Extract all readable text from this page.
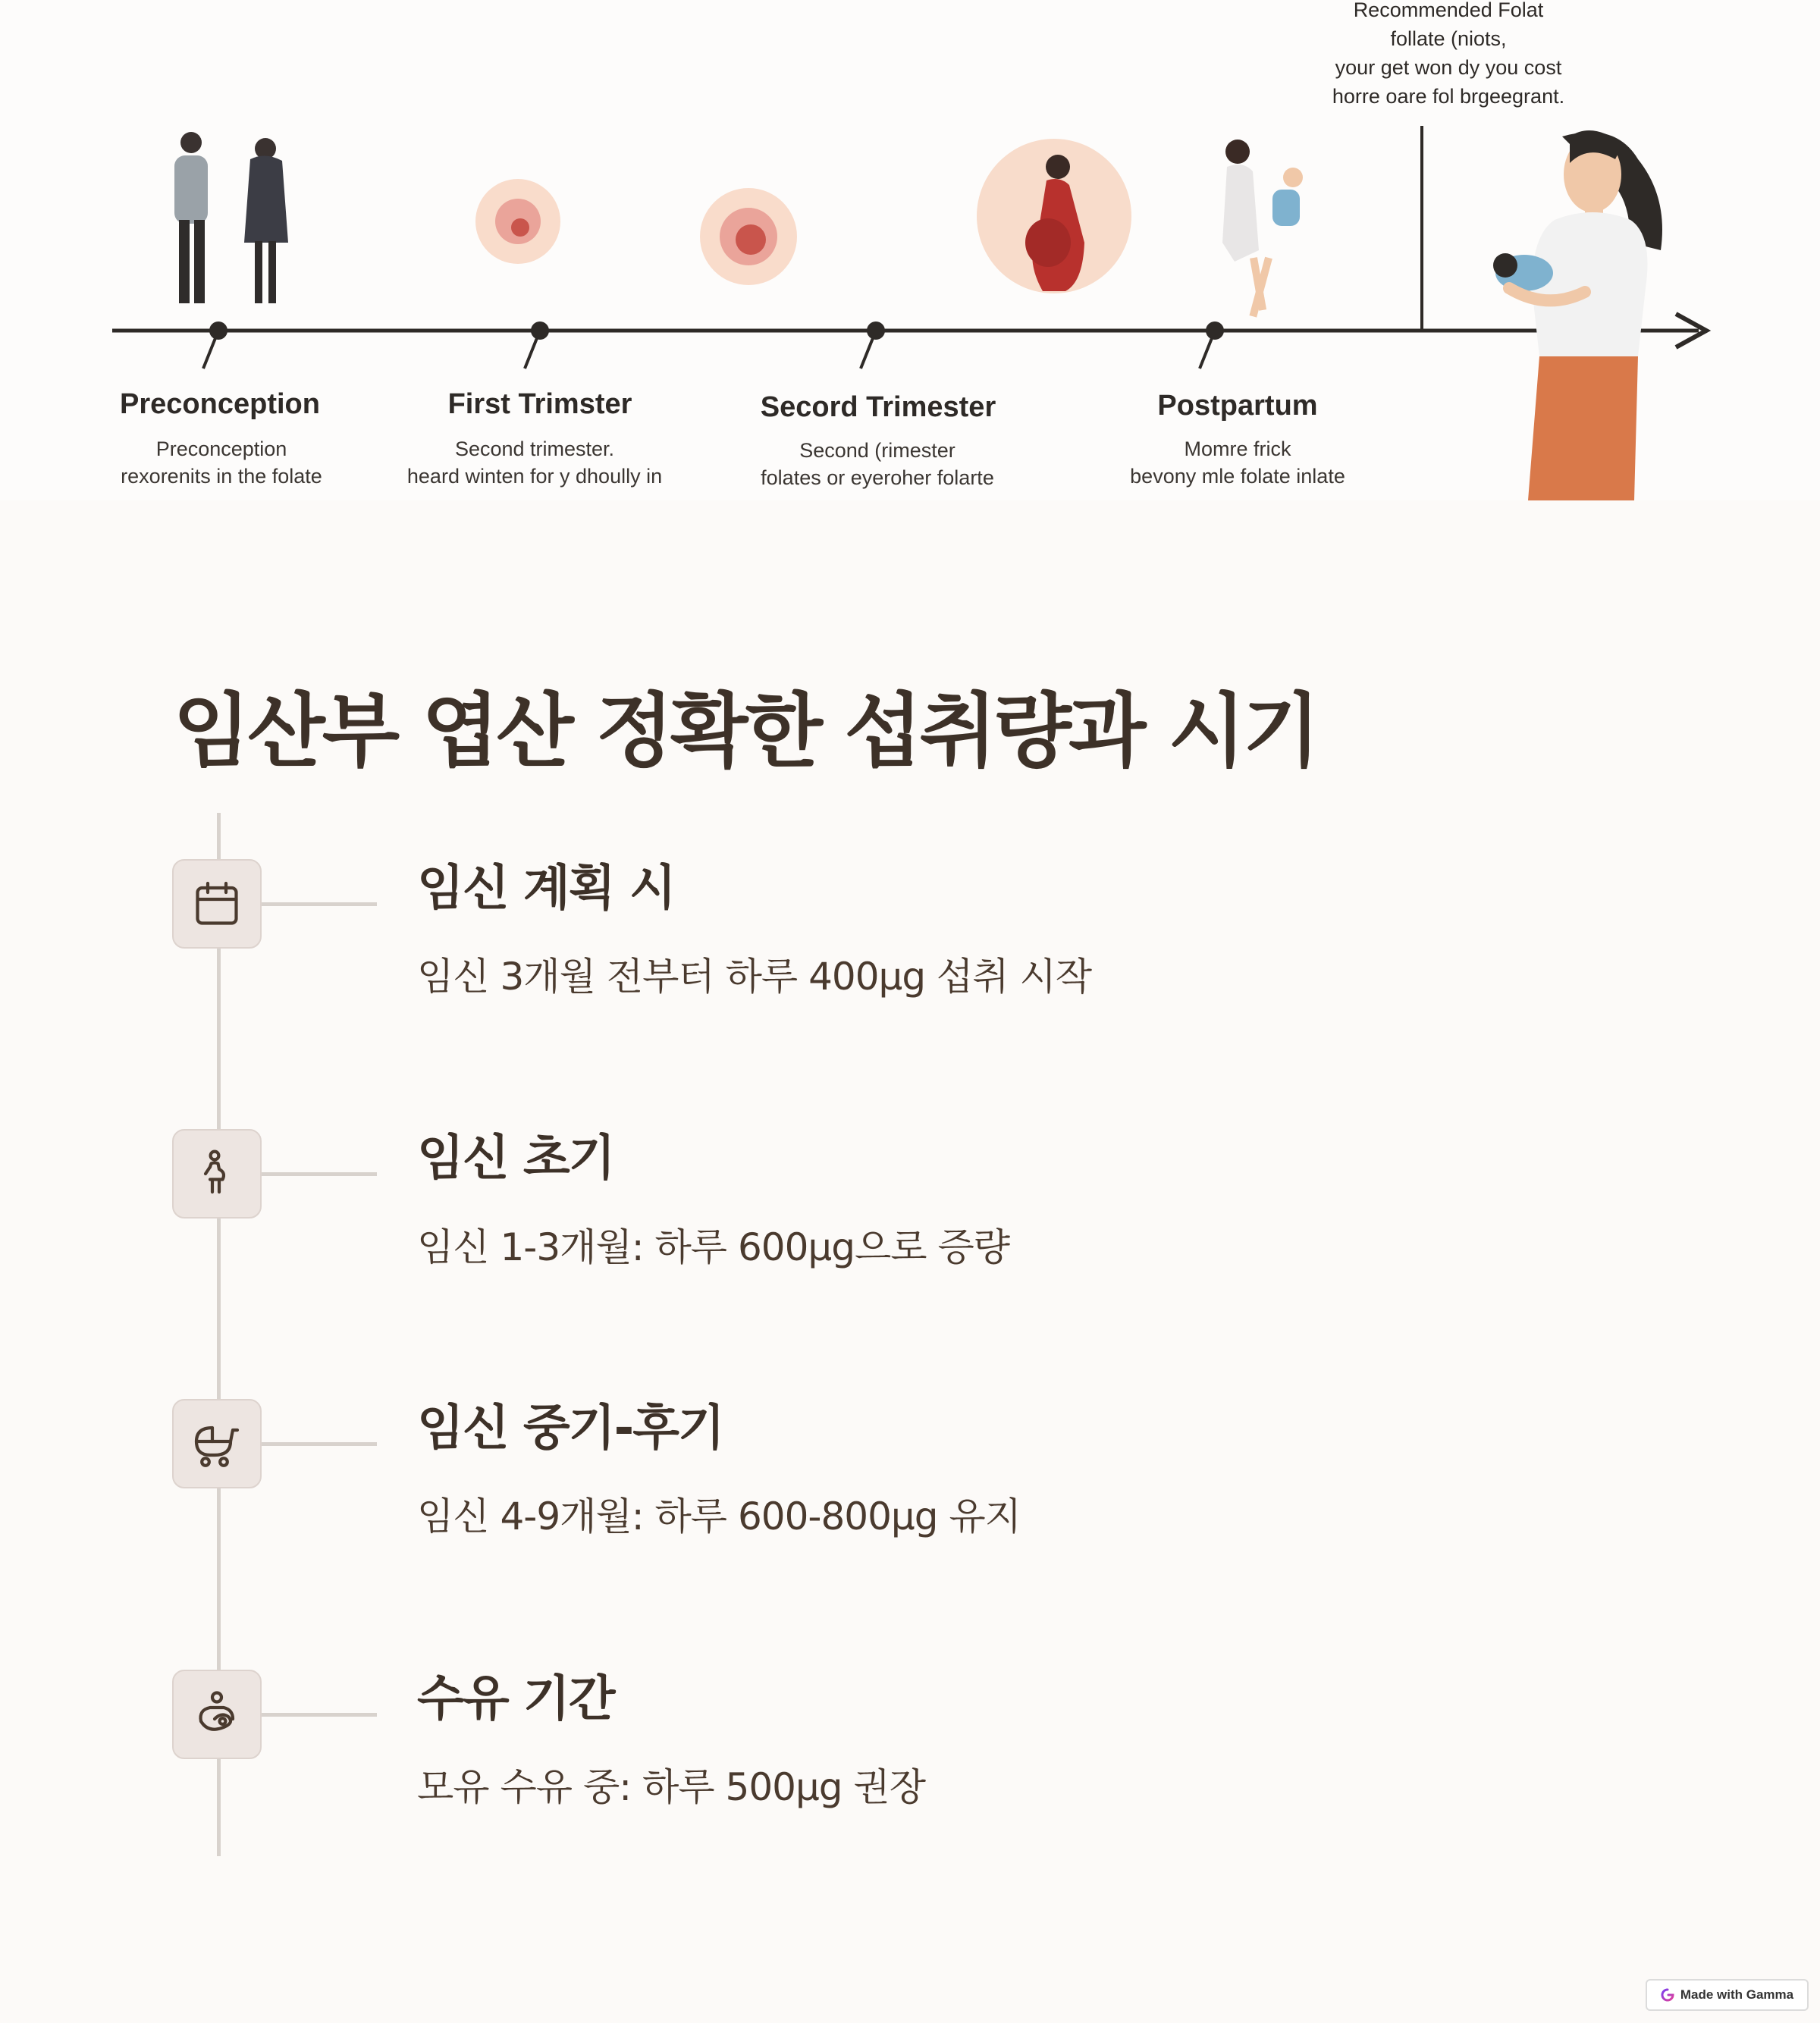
Recommended Folat
follate (niots,
your get won dy you cost
horre oare fol brgeegrant.
Preconception
Preconception
rexorenits in the folate
First Trimster
Second trimester.
heard winten for y dhoully in
Secord Trimester
Second (rimester
folates or eyeroher folarte
Postpartum
Momre frick
bevony mle folate inlate
임산부 엽산 정확한 섭취량과 시기
임신 계획 시
임신 3개월 전부터 하루 400μg 섭취 시작
임신 초기
임신 1-3개월: 하루 600μg으로 증량
임신 중기-후기
임신 4-9개월: 하루 600-800μg 유지
수유 기간
모유 수유 중: 하루 500μg 권장
Made with Gamma
